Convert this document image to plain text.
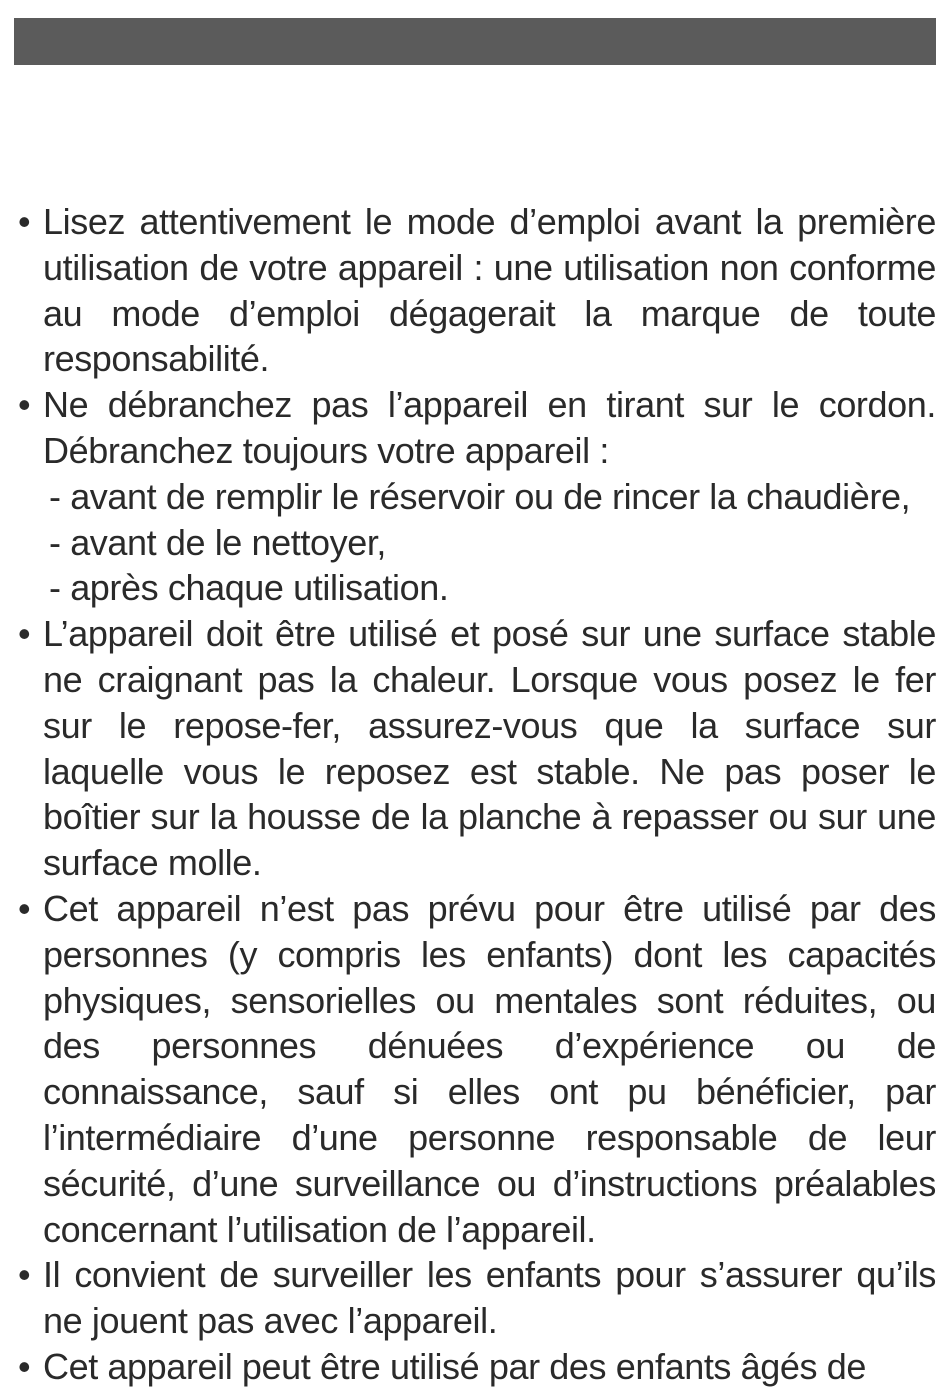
• Lisez attentivement le mode d’emploi avant la première utilisation de votre appareil : une utilisation non conforme au mode d’emploi dégagerait la marque de toute responsabilité.
• Ne débranchez pas l’appareil en tirant sur le cordon. Débranchez toujours votre appareil :
- avant de remplir le réservoir ou de rincer la chaudière,
- avant de le nettoyer,
- après chaque utilisation.
• L’appareil doit être utilisé et posé sur une surface stable ne craignant pas la chaleur. Lorsque vous posez le fer sur le repose-fer, assurez-vous que la surface sur laquelle vous le reposez est stable. Ne pas poser le boîtier sur la housse de la planche à repasser ou sur une surface molle.
• Cet appareil n’est pas prévu pour être utilisé par des personnes (y compris les enfants) dont les capacités physiques, sensorielles ou mentales sont réduites, ou des personnes dénuées d’expérience ou de connaissance, sauf si elles ont pu bénéficier, par l’intermédiaire d’une personne responsable de leur sécurité, d’une surveillance ou d’instructions préalables concernant l’utilisation de l’appareil.
• Il convient de surveiller les enfants pour s’assurer qu’ils ne jouent pas avec l’appareil.
• Cet appareil peut être utilisé par des enfants âgés de
